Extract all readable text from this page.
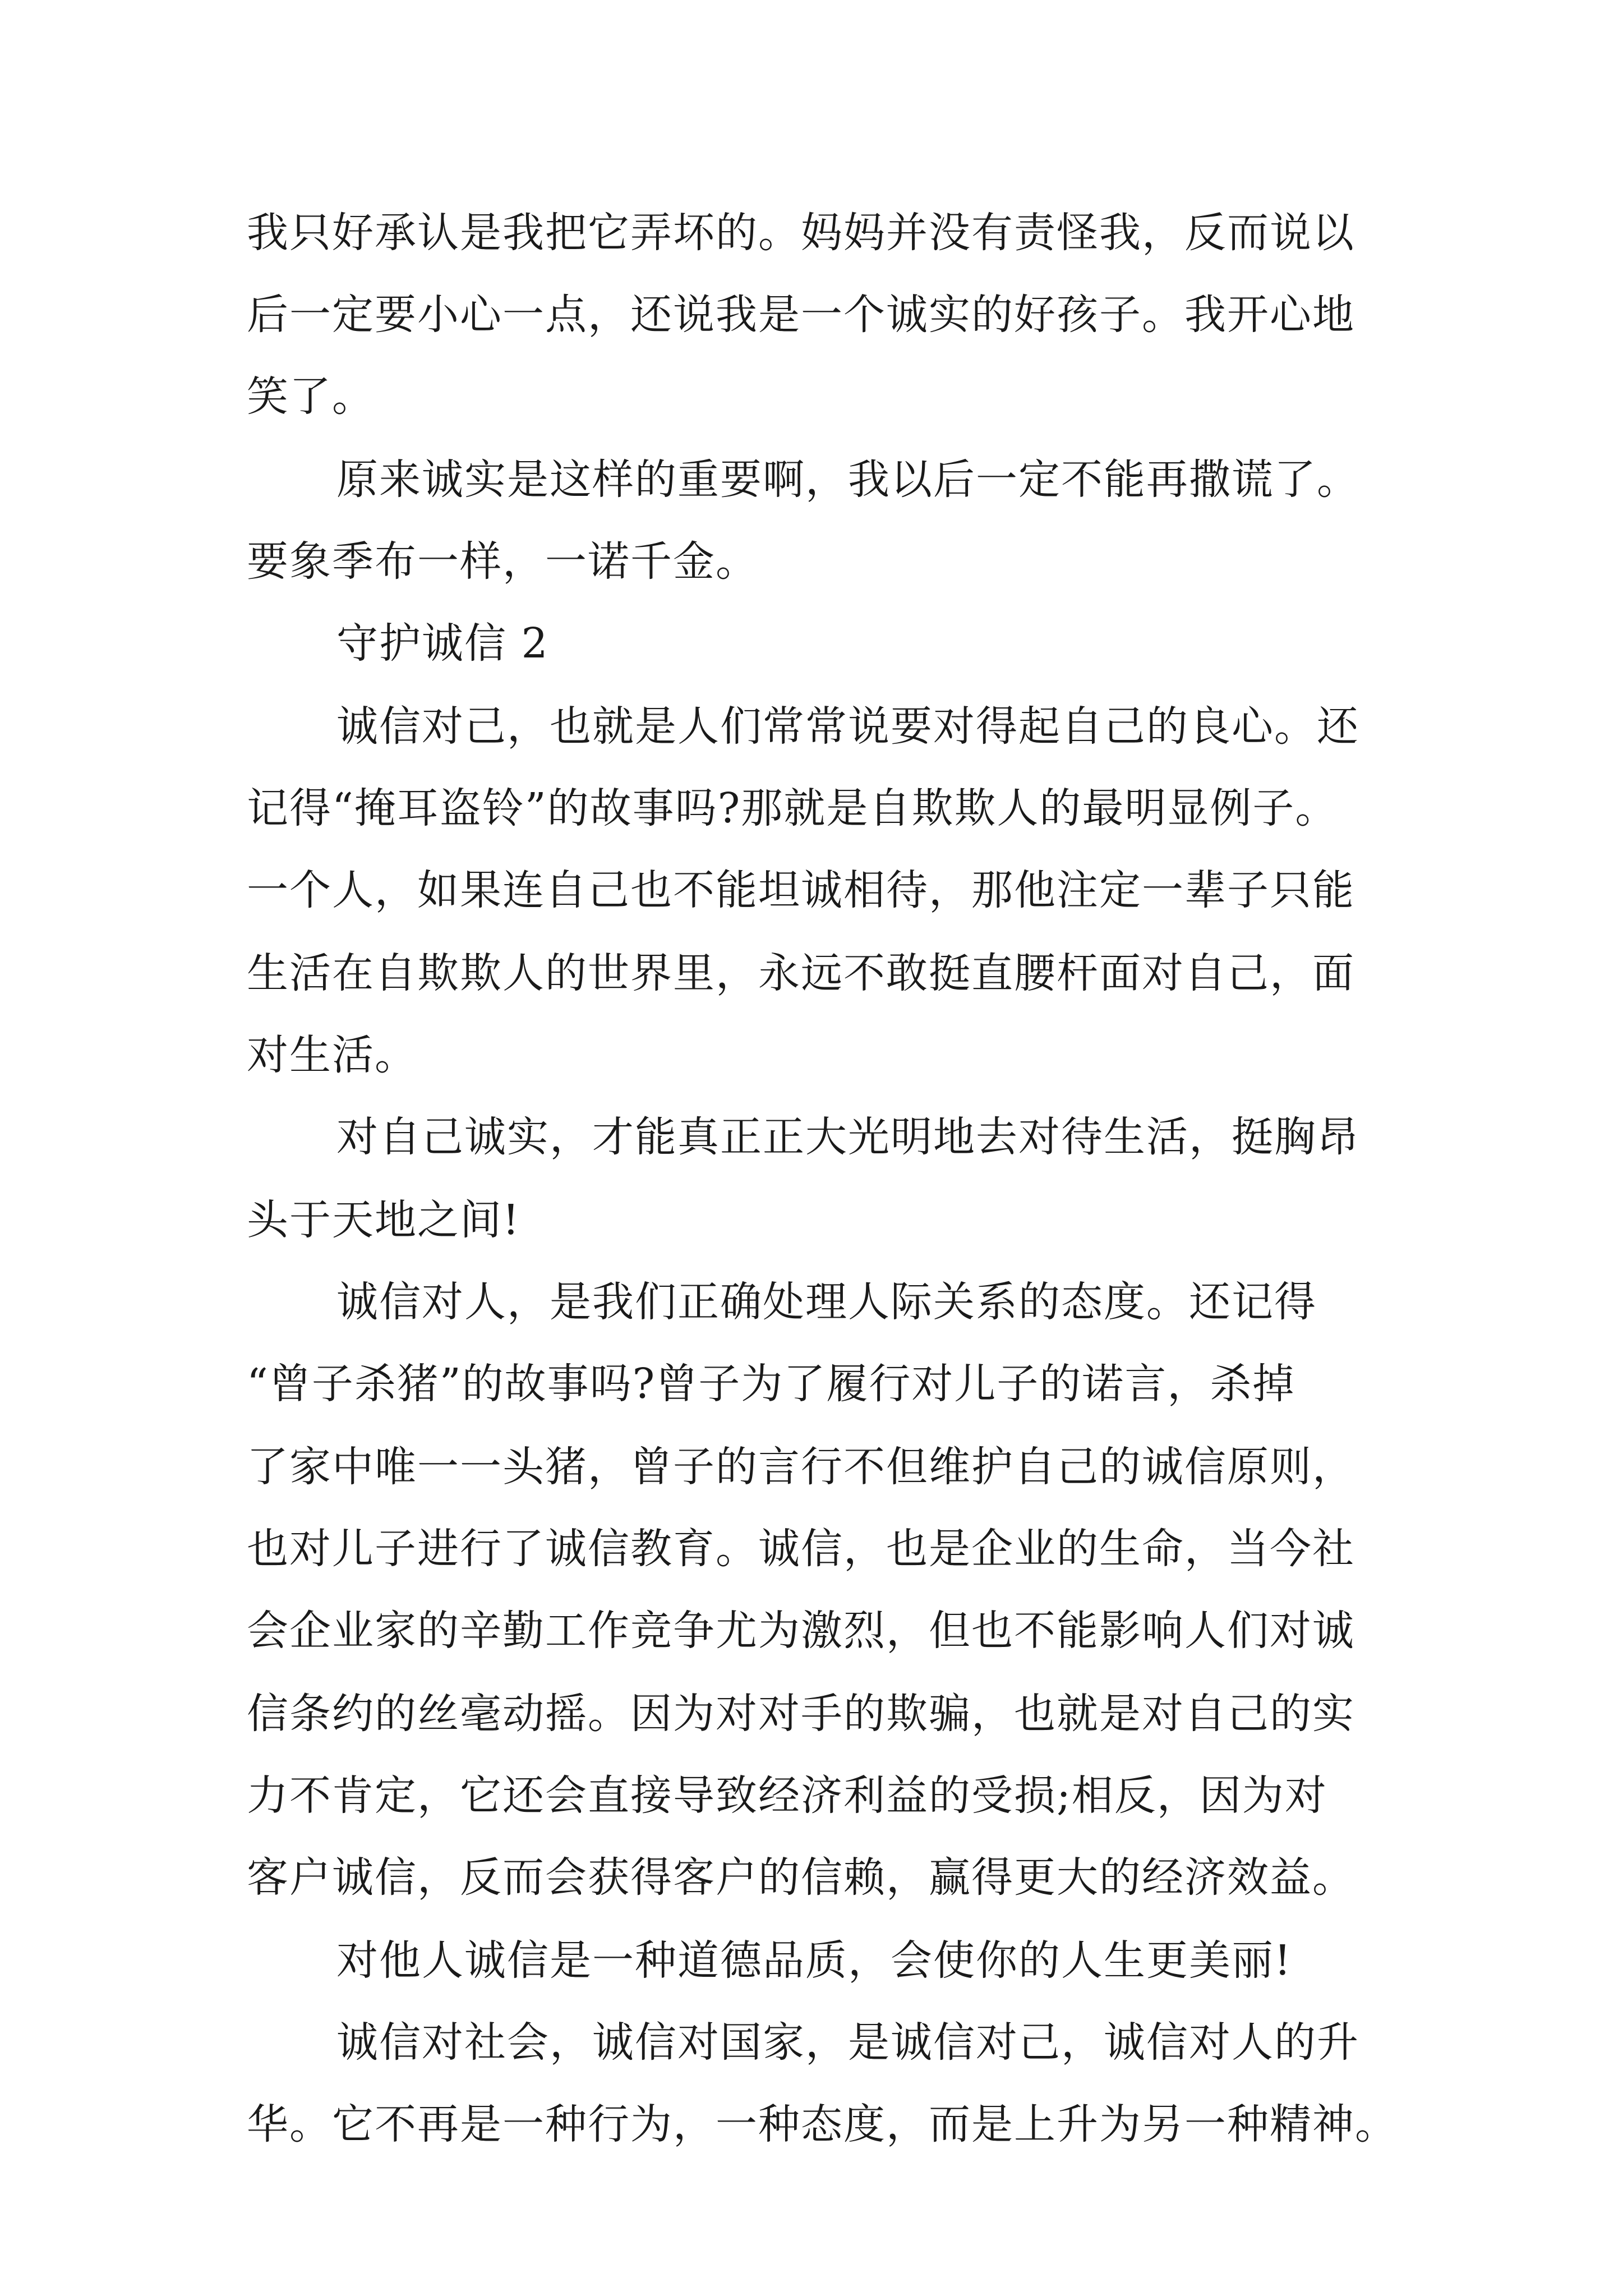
我只好承认是我把它弄坏的。妈妈并没有责怪我，反而说以
后一定要小心一点，还说我是一个诚实的好孩子。我开心地
笑了。
原来诚实是这样的重要啊，我以后一定不能再撒谎了。
要象季布一样，一诺千金。
守护诚信 2
诚信对己，也就是人们常常说要对得起自己的良心。还
记得“掩耳盗铃”的故事吗?那就是自欺欺人的最明显例子。
一个人，如果连自己也不能坦诚相待，那他注定一辈子只能
生活在自欺欺人的世界里，永远不敢挺直腰杆面对自己，面
对生活。
对自己诚实，才能真正正大光明地去对待生活，挺胸昂
头于天地之间!
诚信对人，是我们正确处理人际关系的态度。还记得
“曾子杀猪”的故事吗?曾子为了履行对儿子的诺言，杀掉
了家中唯一一头猪，曾子的言行不但维护自己的诚信原则，
也对儿子进行了诚信教育。诚信，也是企业的生命，当今社
会企业家的辛勤工作竞争尤为激烈，但也不能影响人们对诚
信条约的丝毫动摇。因为对对手的欺骗，也就是对自己的实
力不肯定，它还会直接导致经济利益的受损;相反，因为对
客户诚信，反而会获得客户的信赖，赢得更大的经济效益。
对他人诚信是一种道德品质，会使你的人生更美丽!
诚信对社会，诚信对国家，是诚信对己，诚信对人的升
华。它不再是一种行为，一种态度，而是上升为另一种精神。
